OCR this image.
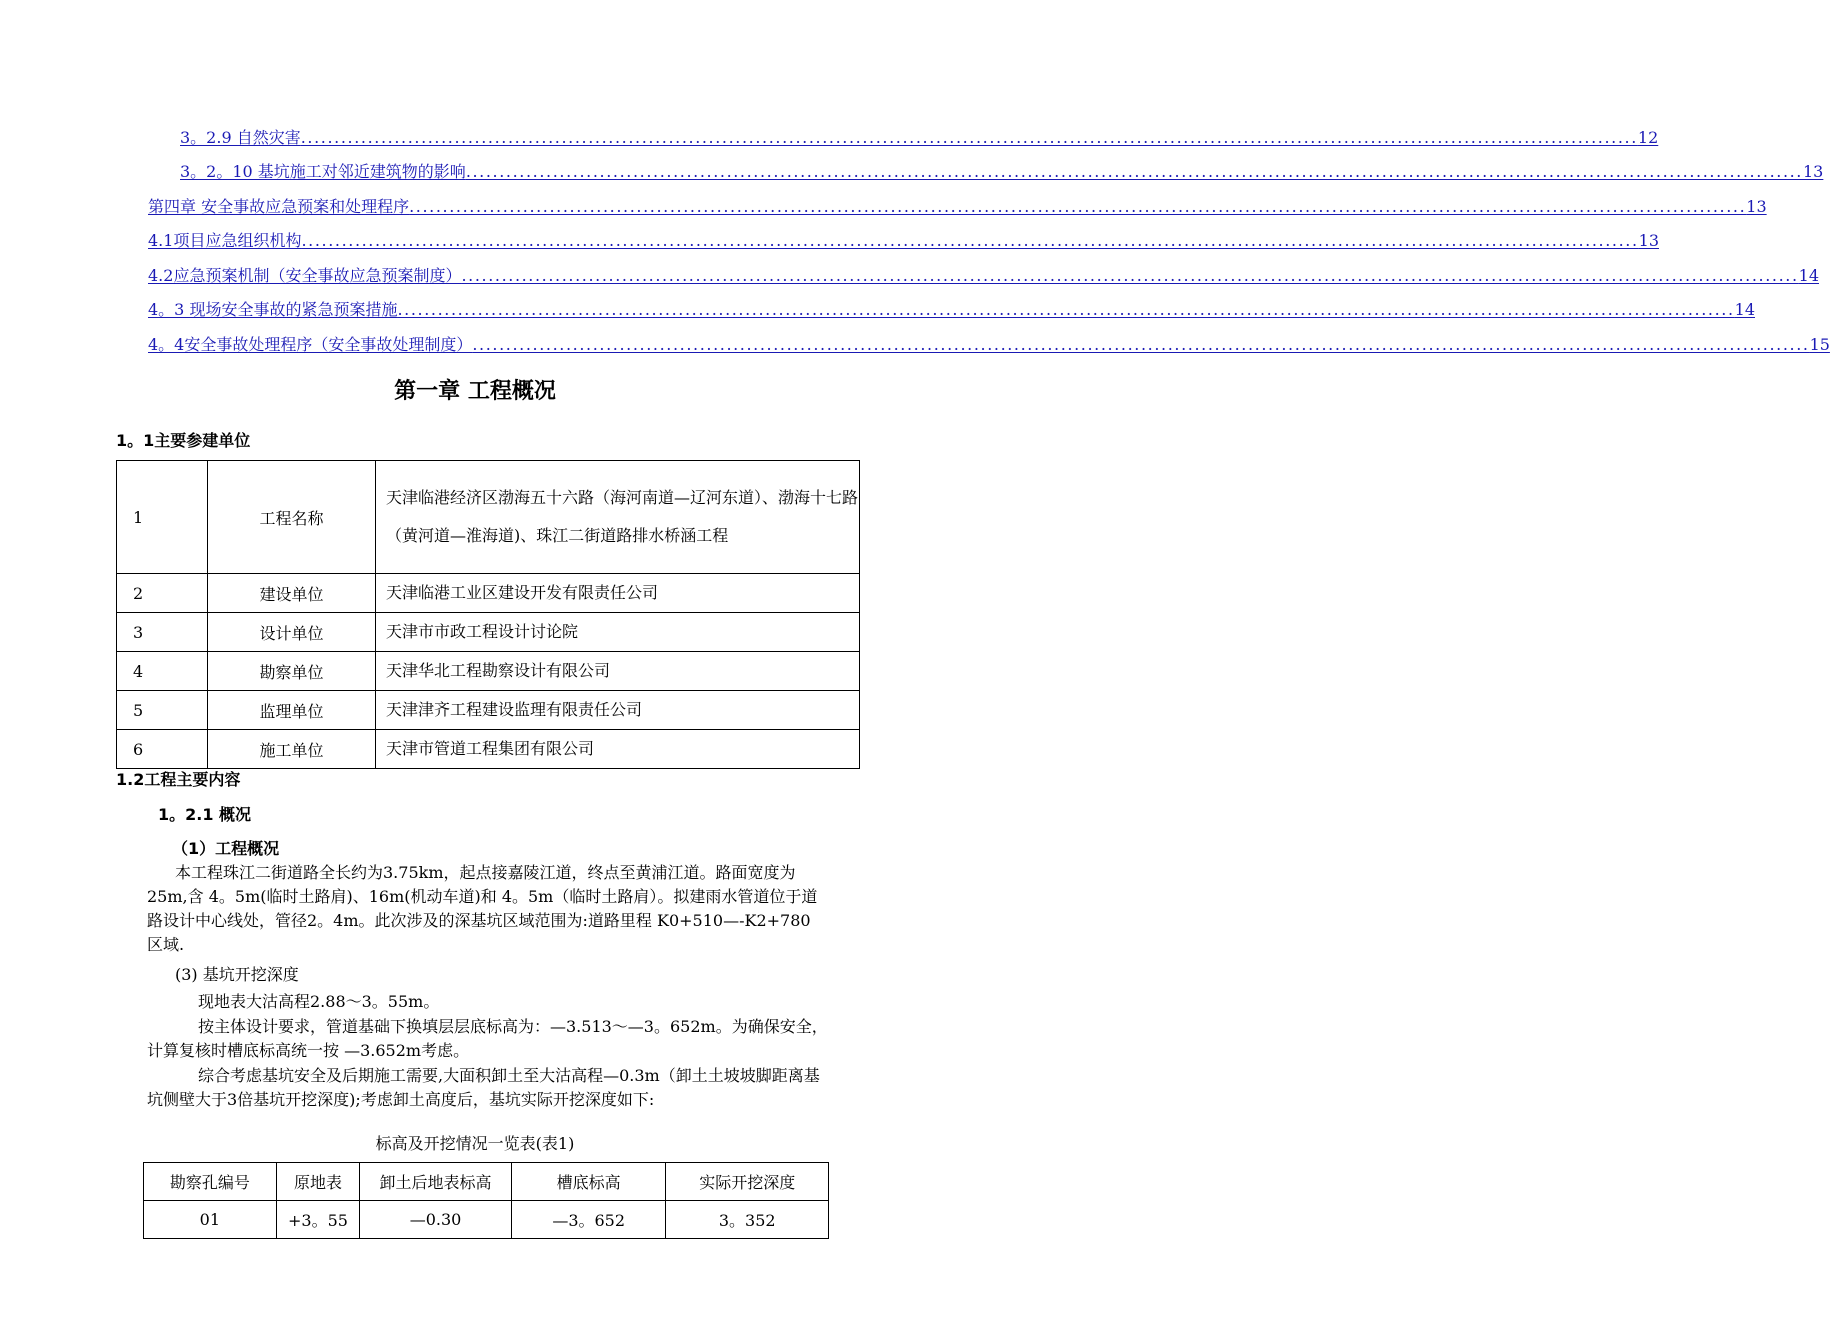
3。2.9 自然灾害 ........................................................................................................................................................................................................ 12
3。2。10 基坑施工对邻近建筑物的影响 ........................................................................................................................................................................................................ 13
第四章 安全事故应急预案和处理程序 ........................................................................................................................................................................................................ 13
4.1项目应急组织机构 ........................................................................................................................................................................................................ 13
4.2应急预案机制（安全事故应急预案制度） ........................................................................................................................................................................................................ 14
4。3 现场安全事故的紧急预案措施 ........................................................................................................................................................................................................ 14
4。4安全事故处理程序（安全事故处理制度） ........................................................................................................................................................................................................ 15
第一章 工程概况
1。1主要参建单位
1	工程名称	天津临港经济区渤海五十六路（海河南道—辽河东道）、渤海十七路（黄河道—淮海道)、珠江二街道路排水桥涵工程
2	建设单位	天津临港工业区建设开发有限责任公司
3	设计单位	天津市市政工程设计讨论院
4	勘察单位	天津华北工程勘察设计有限公司
5	监理单位	天津津齐工程建设监理有限责任公司
6	施工单位	天津市管道工程集团有限公司
1.2工程主要内容
1。2.1 概况
（1）工程概况

本工程珠江二街道路全长约为3.75km，起点接嘉陵江道，终点至黄浦江道。路面宽度为25m,含 4。5m(临时土路肩)、16m(机动车道)和 4。5m（临时土路肩）。拟建雨水管道位于道路设计中心线处，管径2。4m。此次涉及的深基坑区域范围为:道路里程 K0+510—-K2+780 区域.

(3) 基坑开挖深度

现地表大沽高程2.88～3。55m。

按主体设计要求，管道基础下换填层层底标高为：—3.513～—3。652m。为确保安全，计算复核时槽底标高统一按 —3.652m考虑。

综合考虑基坑安全及后期施工需要,大面积卸土至大沽高程—0.3m（卸土土坡坡脚距离基坑侧壁大于3倍基坑开挖深度);考虑卸土高度后，基坑实际开挖深度如下:

标高及开挖情况一览表(表1)
勘察孔编号	原地表	卸土后地表标高	槽底标高	实际开挖深度
01	+3。55	—0.30	—3。652	3。352
